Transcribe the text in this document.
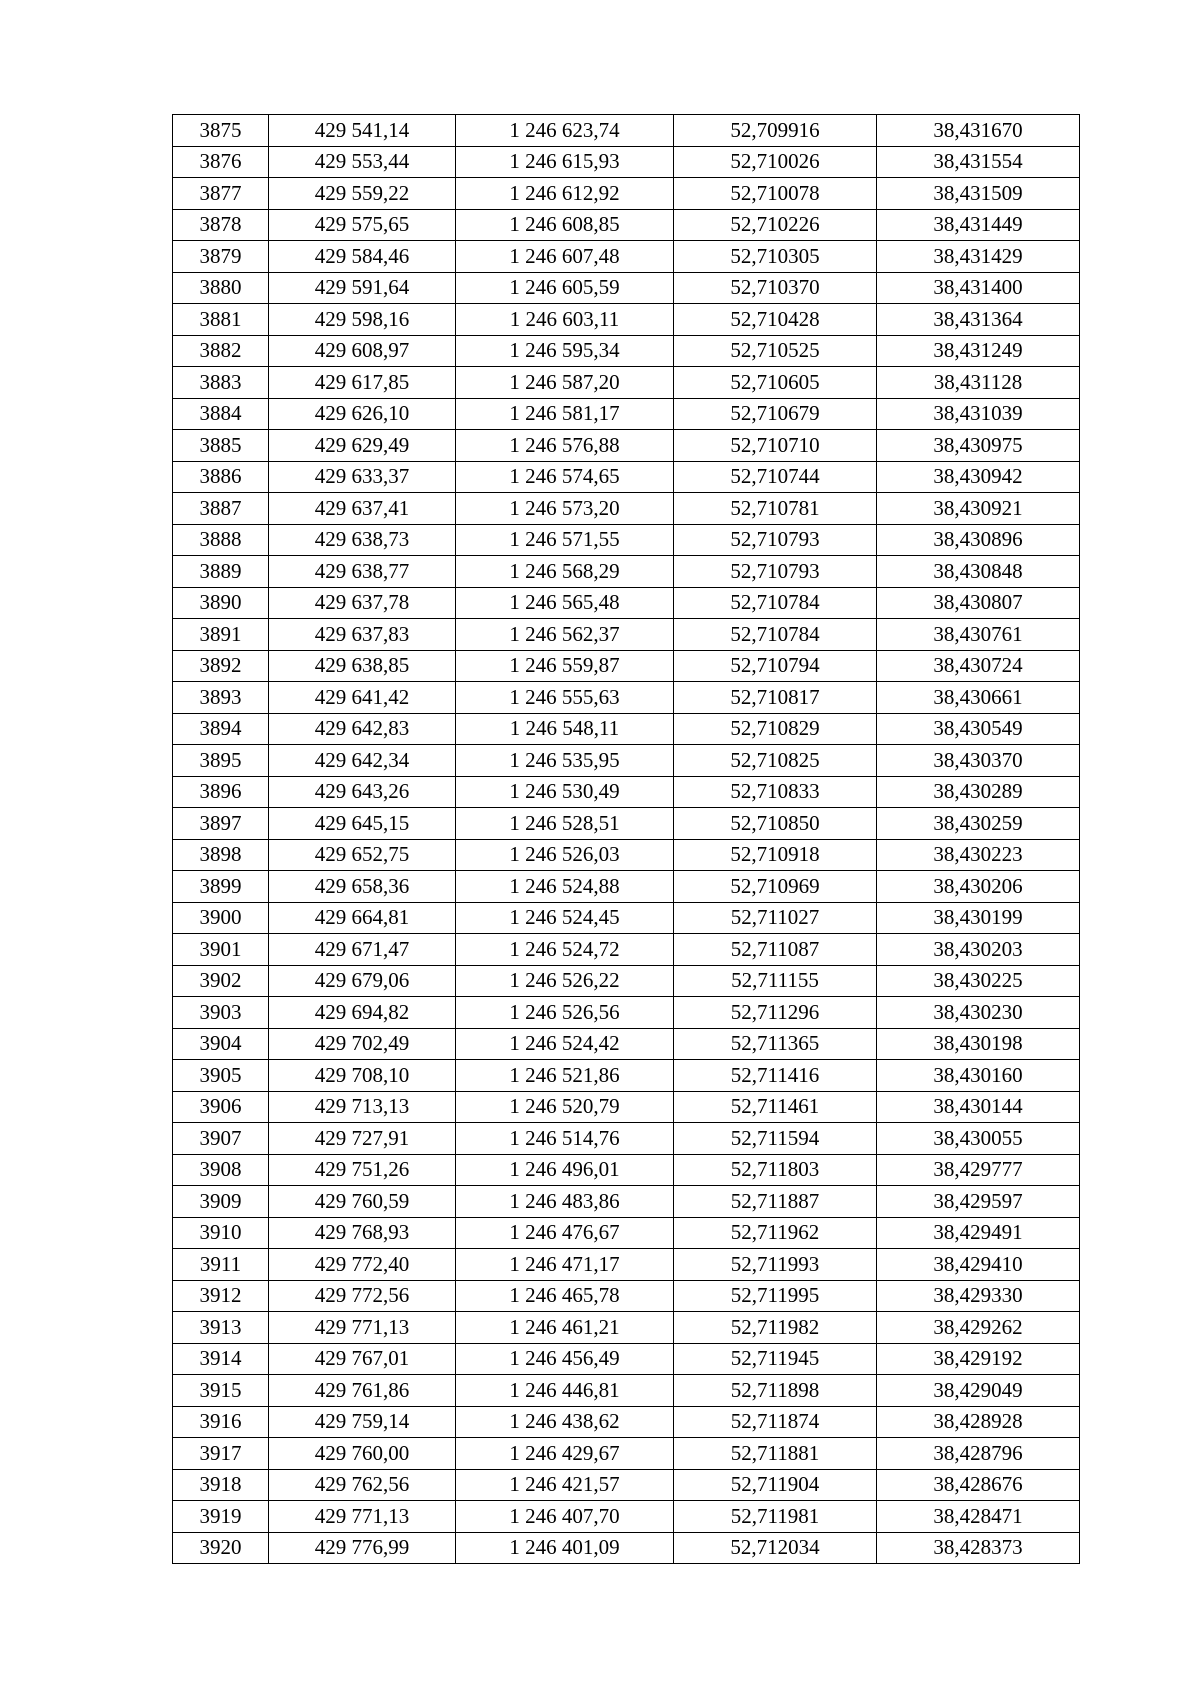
3875	429 541,14	1 246 623,74	52,709916	38,431670
3876	429 553,44	1 246 615,93	52,710026	38,431554
3877	429 559,22	1 246 612,92	52,710078	38,431509
3878	429 575,65	1 246 608,85	52,710226	38,431449
3879	429 584,46	1 246 607,48	52,710305	38,431429
3880	429 591,64	1 246 605,59	52,710370	38,431400
3881	429 598,16	1 246 603,11	52,710428	38,431364
3882	429 608,97	1 246 595,34	52,710525	38,431249
3883	429 617,85	1 246 587,20	52,710605	38,431128
3884	429 626,10	1 246 581,17	52,710679	38,431039
3885	429 629,49	1 246 576,88	52,710710	38,430975
3886	429 633,37	1 246 574,65	52,710744	38,430942
3887	429 637,41	1 246 573,20	52,710781	38,430921
3888	429 638,73	1 246 571,55	52,710793	38,430896
3889	429 638,77	1 246 568,29	52,710793	38,430848
3890	429 637,78	1 246 565,48	52,710784	38,430807
3891	429 637,83	1 246 562,37	52,710784	38,430761
3892	429 638,85	1 246 559,87	52,710794	38,430724
3893	429 641,42	1 246 555,63	52,710817	38,430661
3894	429 642,83	1 246 548,11	52,710829	38,430549
3895	429 642,34	1 246 535,95	52,710825	38,430370
3896	429 643,26	1 246 530,49	52,710833	38,430289
3897	429 645,15	1 246 528,51	52,710850	38,430259
3898	429 652,75	1 246 526,03	52,710918	38,430223
3899	429 658,36	1 246 524,88	52,710969	38,430206
3900	429 664,81	1 246 524,45	52,711027	38,430199
3901	429 671,47	1 246 524,72	52,711087	38,430203
3902	429 679,06	1 246 526,22	52,711155	38,430225
3903	429 694,82	1 246 526,56	52,711296	38,430230
3904	429 702,49	1 246 524,42	52,711365	38,430198
3905	429 708,10	1 246 521,86	52,711416	38,430160
3906	429 713,13	1 246 520,79	52,711461	38,430144
3907	429 727,91	1 246 514,76	52,711594	38,430055
3908	429 751,26	1 246 496,01	52,711803	38,429777
3909	429 760,59	1 246 483,86	52,711887	38,429597
3910	429 768,93	1 246 476,67	52,711962	38,429491
3911	429 772,40	1 246 471,17	52,711993	38,429410
3912	429 772,56	1 246 465,78	52,711995	38,429330
3913	429 771,13	1 246 461,21	52,711982	38,429262
3914	429 767,01	1 246 456,49	52,711945	38,429192
3915	429 761,86	1 246 446,81	52,711898	38,429049
3916	429 759,14	1 246 438,62	52,711874	38,428928
3917	429 760,00	1 246 429,67	52,711881	38,428796
3918	429 762,56	1 246 421,57	52,711904	38,428676
3919	429 771,13	1 246 407,70	52,711981	38,428471
3920	429 776,99	1 246 401,09	52,712034	38,428373
